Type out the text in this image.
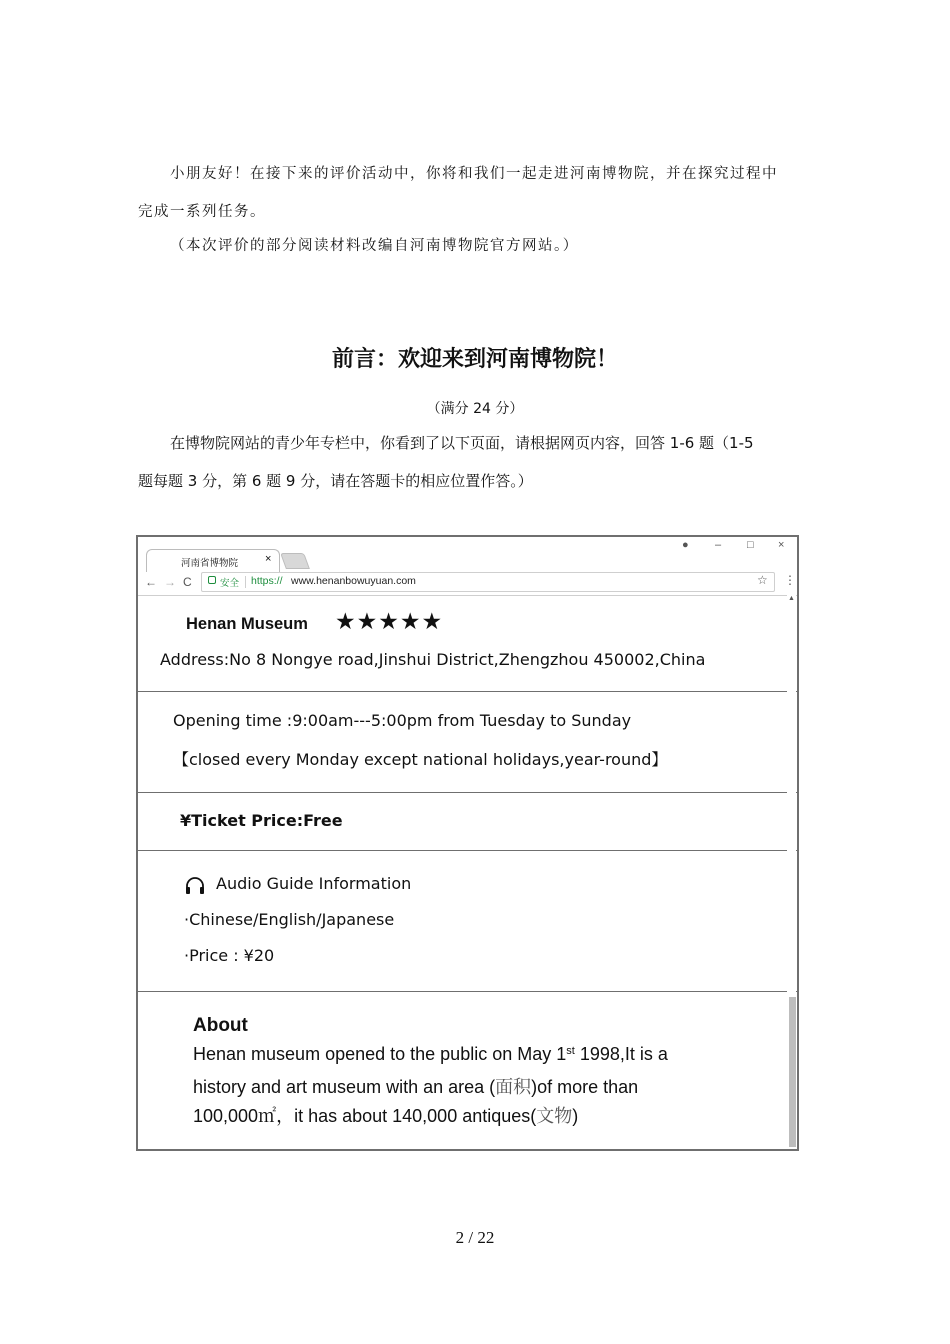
小朋友好！在接下来的评价活动中，你将和我们一起走进河南博物院，并在探究过程中
完成一系列任务。
（本次评价的部分阅读材料改编自河南博物院官方网站。）
前言：欢迎来到河南博物院！
（满分 24 分）
在博物院网站的青少年专栏中，你看到了以下页面，请根据网页内容，回答 1-6 题（1-5
题每题 3 分，第 6 题 9 分，请在答题卡的相应位置作答。）
河南省博物院 ×
● – □ ×
← → C	安全 https:// www.henanbowuyuan.com	☆ ⋮
Henan Museum ★★★★★
Address:No 8 Nongye road,Jinshui District,Zhengzhou 450002,China
Opening time :9:00am---5:00pm from Tuesday to Sunday
【closed every Monday except national holidays,year-round】
¥Ticket Price:Free
Audio Guide Information
·Chinese/English/Japanese
·Price : ¥20
About
Henan museum opened to the public on May 1st 1998,It is a
history and art museum with an area (面积)of more than
100,000㎡，it has about 140,000 antiques(文物)
▲
2 / 22
